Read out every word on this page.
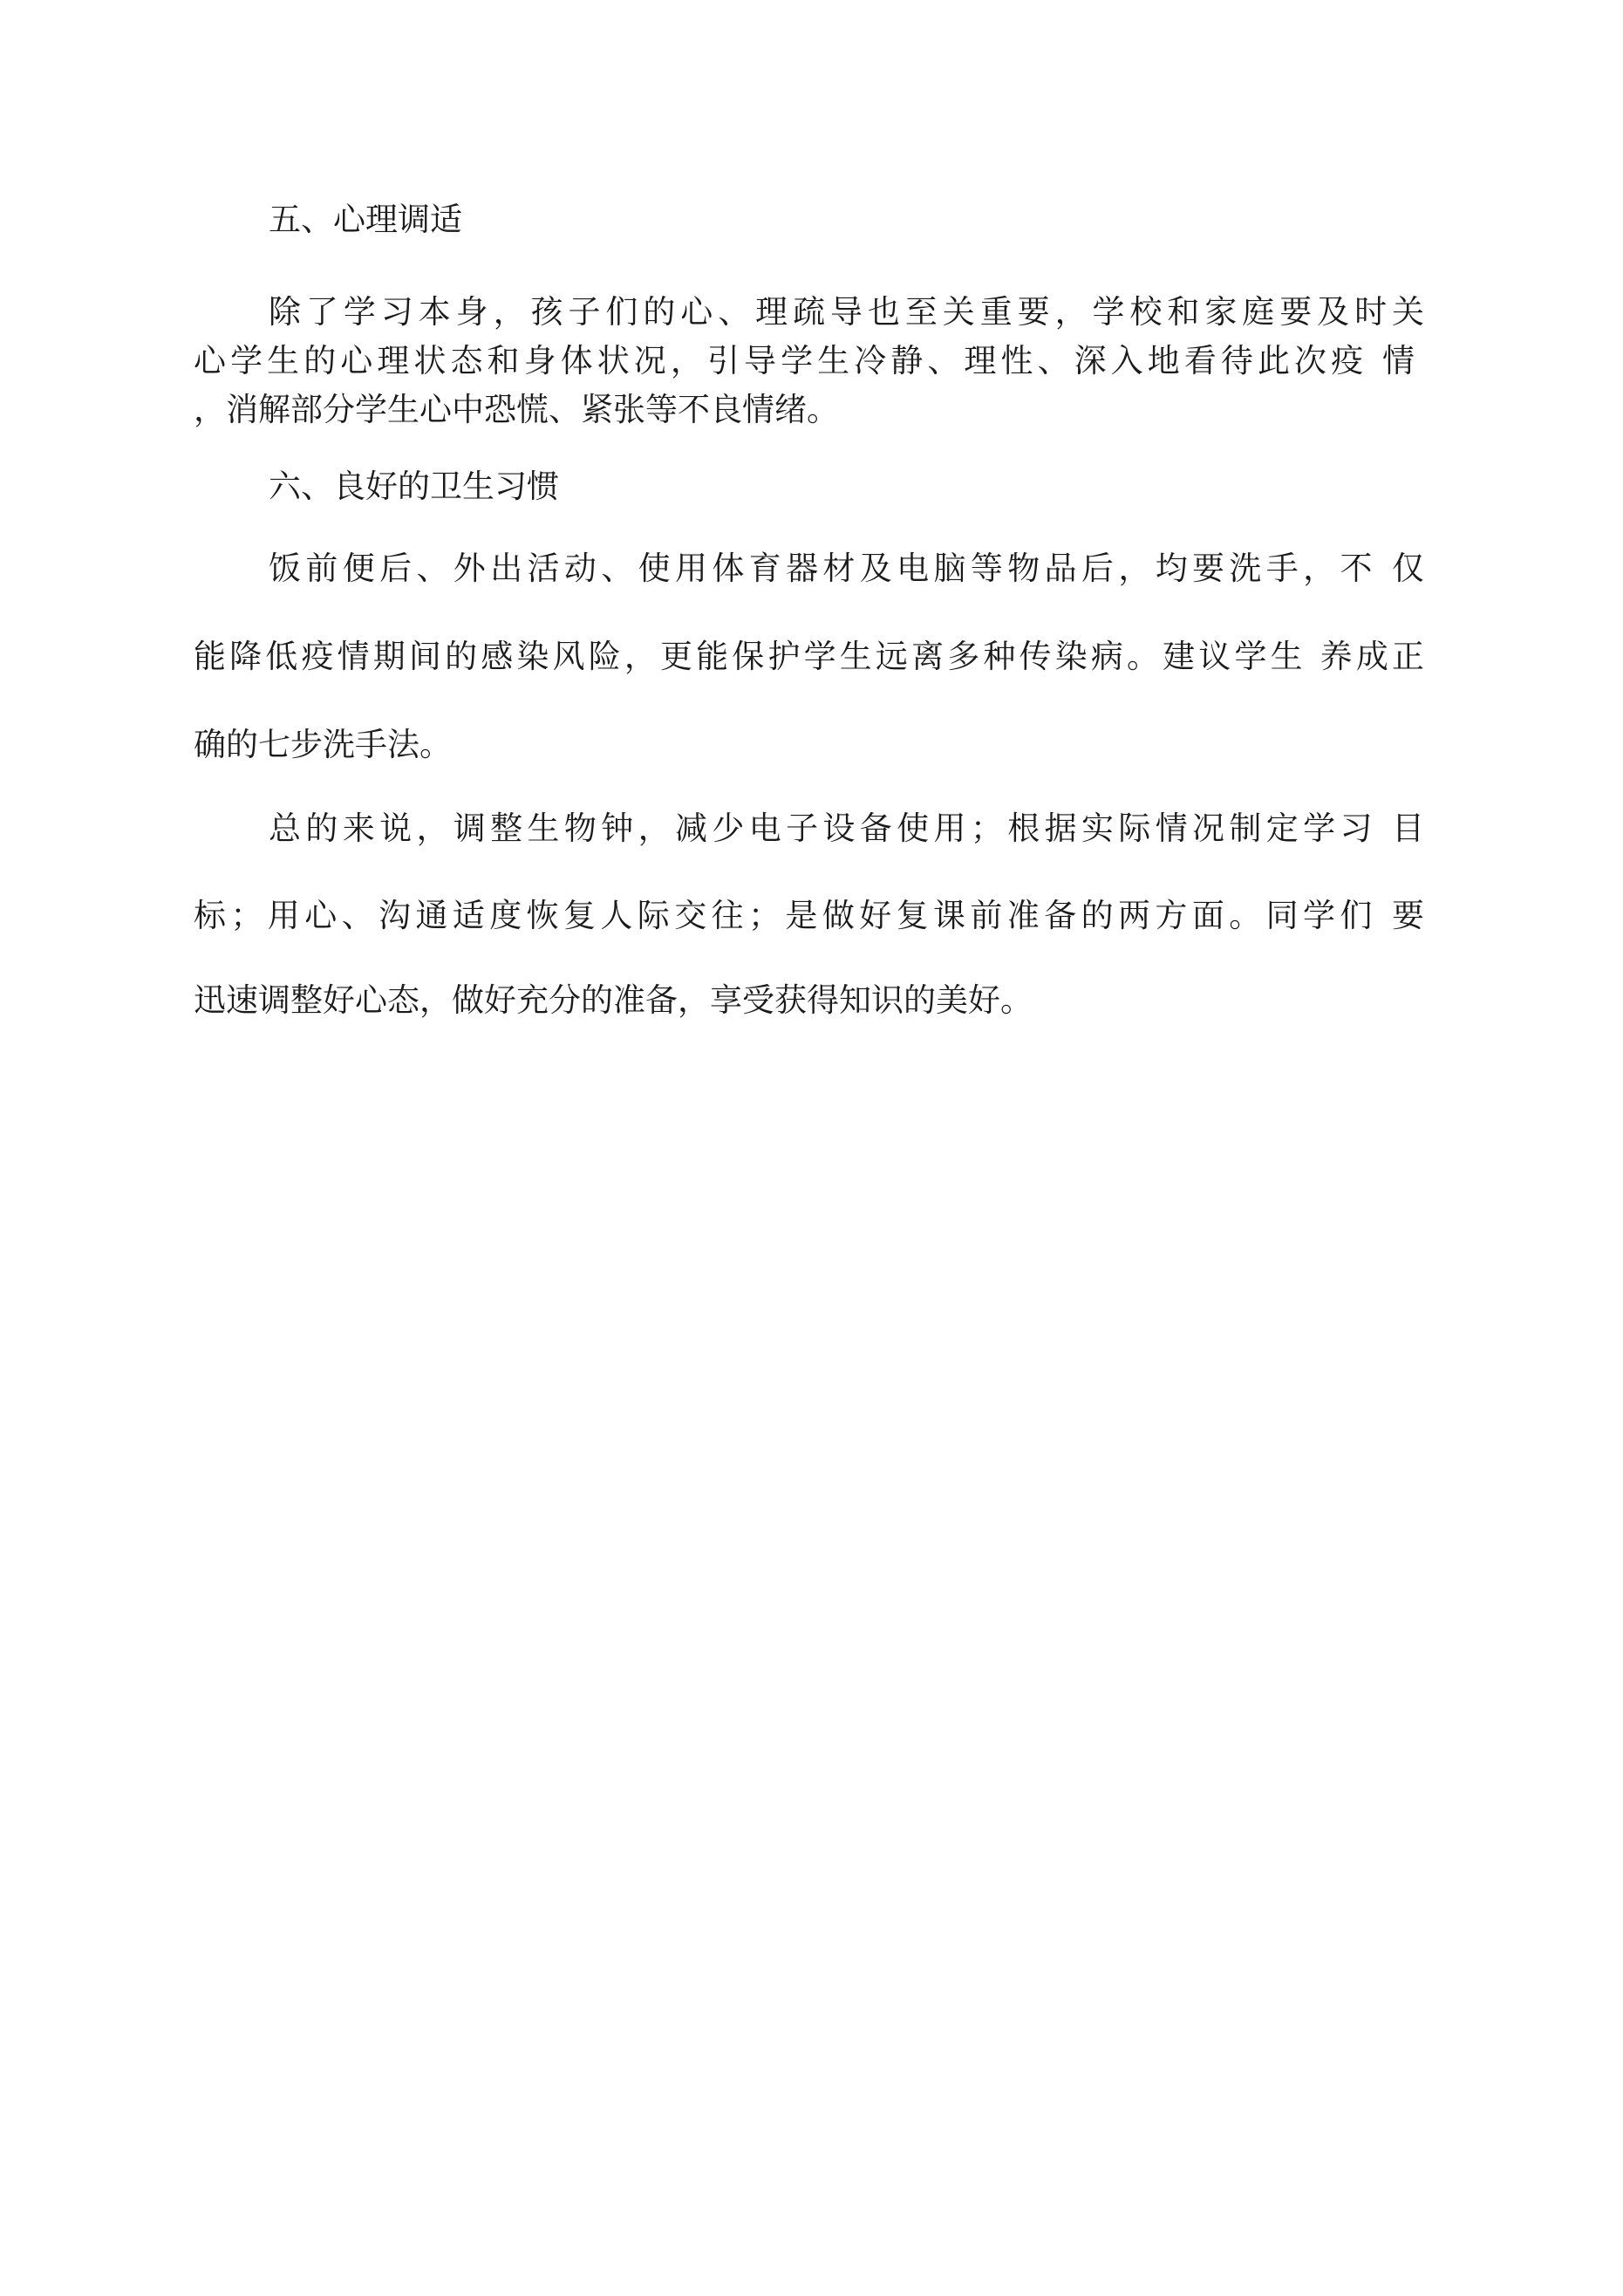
五、心理调适
除了学习本身，孩子们的心、理疏导也至关重要，学校和家庭要及时关
心学生的心理状态和身体状况，引导学生冷静、理性、深入地看待此次疫 情
，消解部分学生心中恐慌、紧张等不良情绪。
六、良好的卫生习惯
饭前便后、外出活动、使用体育器材及电脑等物品后，均要洗手，不 仅
能降低疫情期间的感染风险，更能保护学生远离多种传染病。建议学生 养成正
确的七步洗手法。
总的来说，调整生物钟，减少电子设备使用；根据实际情况制定学习 目
标；用心、沟通适度恢复人际交往；是做好复课前准备的两方面。同学们 要
迅速调整好心态，做好充分的准备，享受获得知识的美好。
